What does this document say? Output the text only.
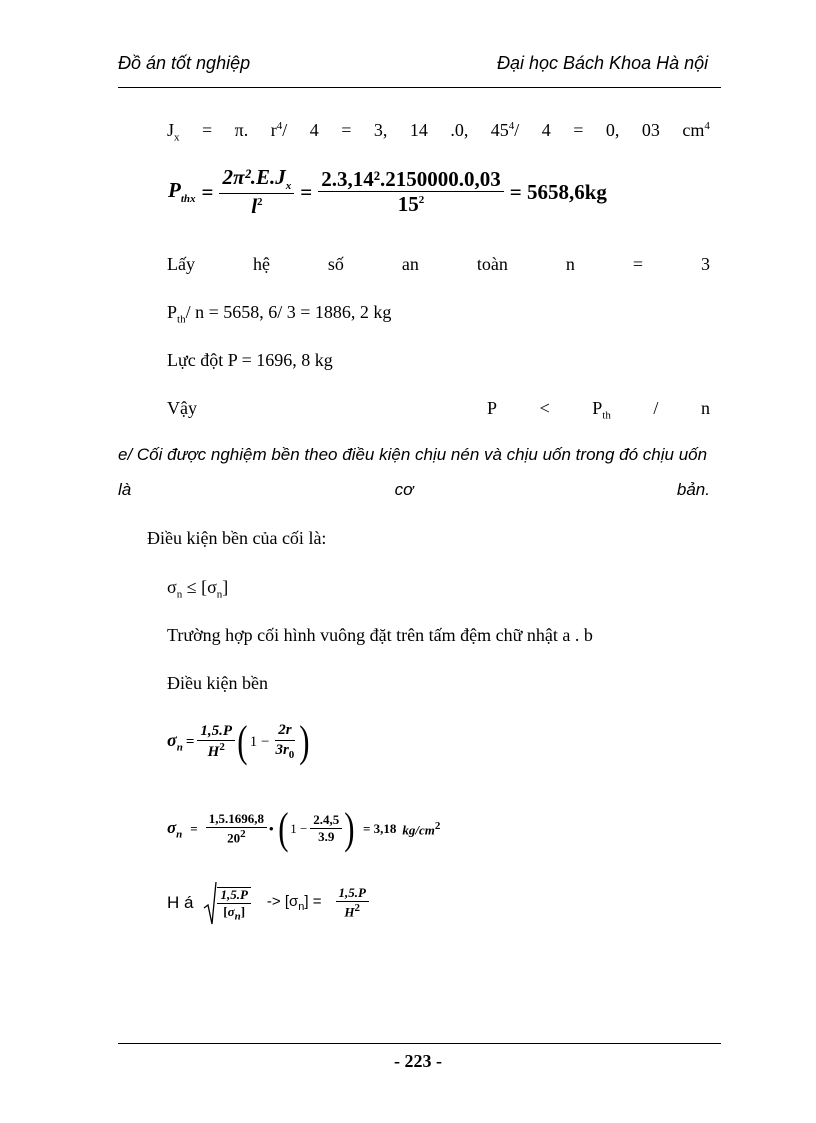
Đồ án tốt nghiệp	Đại học Bách Khoa Hà nội
$J_x = \pi$. $r^4/$ 4 = 3, 14 .0, $45^4/$ 4 = 0, 03 $cm^4$
$P_{thx} = \frac{2\pi^2.E.J_x}{l^2} = \frac{\text{2.3,14².2150000.0,03}}{15^2} = 5658,6kg$
Lấy	hệ	số	an	toàn	n	=	3
$P_{th}/$ n = 5658, 6/ 3 = 1886, 2 kg
Lực đột P = 1696, 8 kg
Vậy	$P < P_{th} / n$
e/ Cối được nghiệm bền theo điều kiện chịu nén và chịu uốn trong đó chịu uốn
là	cơ	bản.
Điều kiện bền của cối là:
$\sigma_n \le [\sigma_n]$
Trường hợp cối hình vuông đặt trên tấm đệm chữ nhật a . b
Điều kiện bền
$\sigma_n = \frac{1,5.P}{H^2}$ ( $1 - \frac{2r}{3r_0}$ )
$\sigma_n = \frac{1,5.1696,8}{20^2}$ • ( $1 - \frac{2.4,5}{3.9}$ ) = 3,18 $kg/cm^2$
H á $\frac{1,5.P}{[\sigma_n]} -> [\sigma_n] = \frac{1,5.P}{H^2}$
- 223 -
